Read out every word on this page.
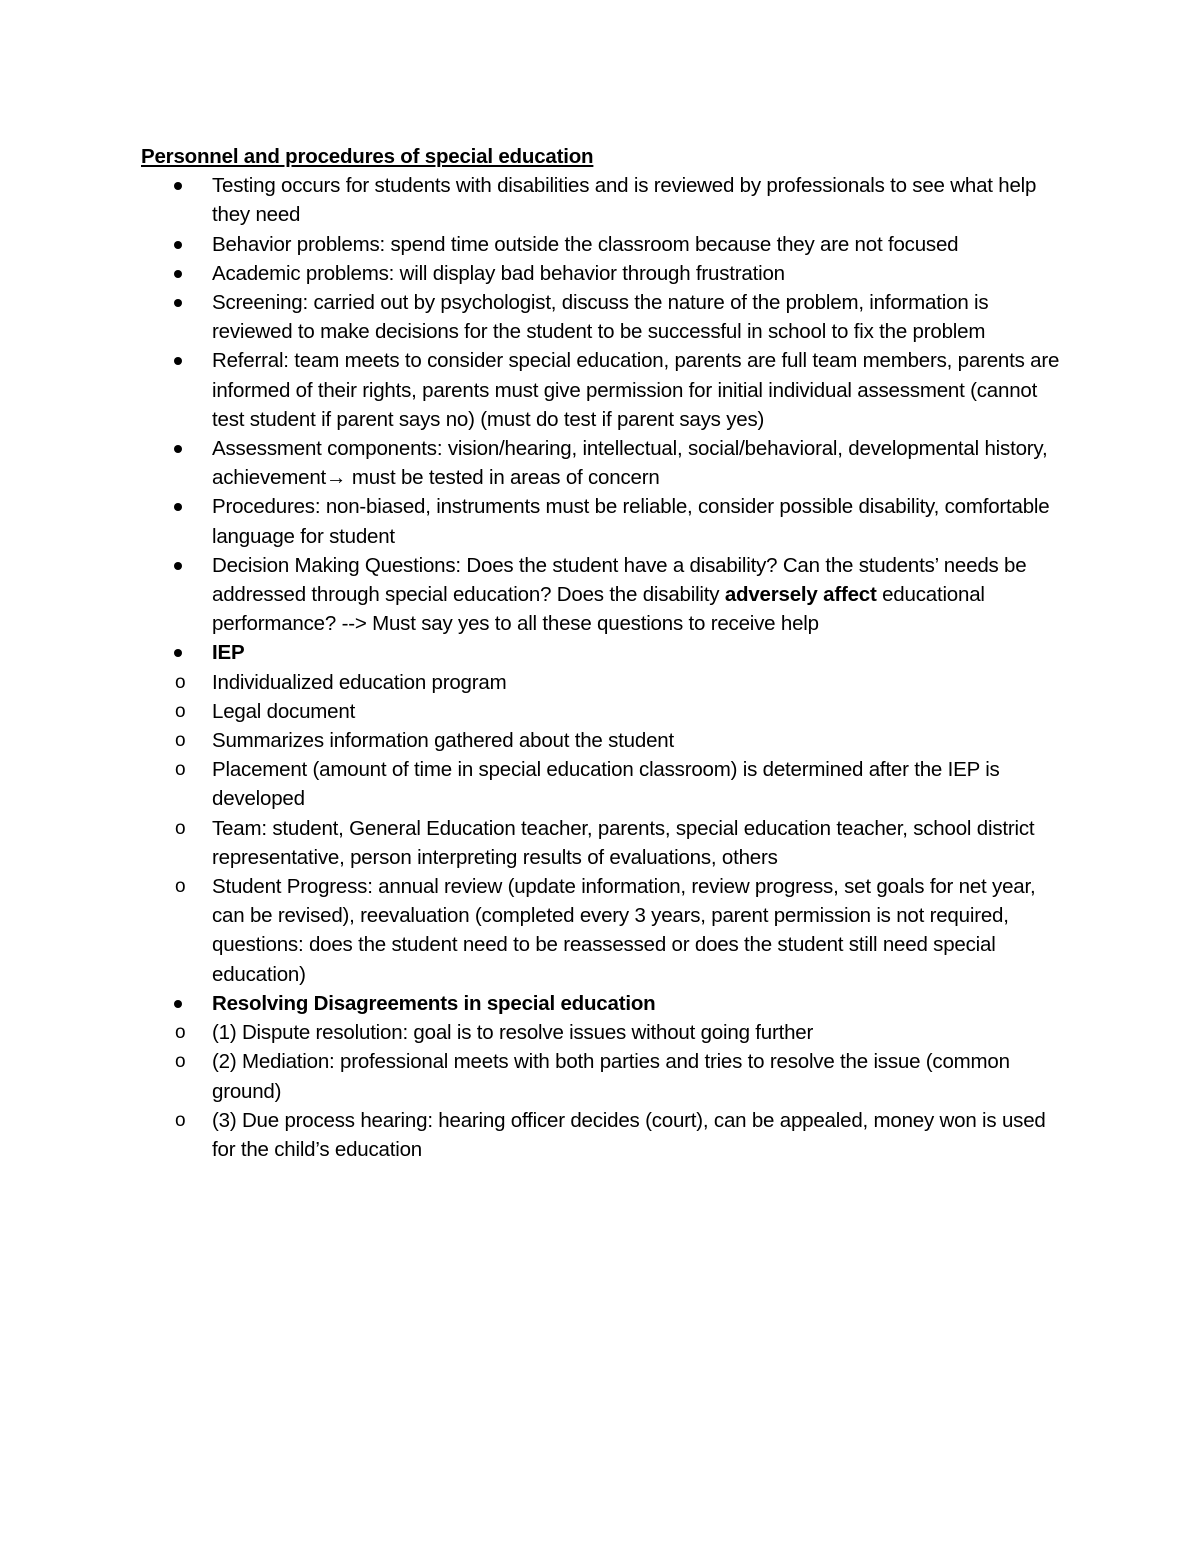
Personnel and procedures of special education
Testing occurs for students with disabilities and is reviewed by professionals to see what help they need
Behavior problems: spend time outside the classroom because they are not focused
Academic problems: will display bad behavior through frustration
Screening: carried out by psychologist, discuss the nature of the problem, information is reviewed to make decisions for the student to be successful in school to fix the problem
Referral: team meets to consider special education, parents are full team members, parents are informed of their rights, parents must give permission for initial individual assessment (cannot test student if parent says no) (must do test if parent says yes)
Assessment components: vision/hearing, intellectual, social/behavioral, developmental history, achievement→ must be tested in areas of concern
Procedures: non-biased, instruments must be reliable, consider possible disability, comfortable language for student
Decision Making Questions: Does the student have a disability? Can the students’ needs be addressed through special education? Does the disability adversely affect educational performance? --> Must say yes to all these questions to receive help
IEP
o Individualized education program
o Legal document
o Summarizes information gathered about the student
o Placement (amount of time in special education classroom) is determined after the IEP is developed
o Team: student, General Education teacher, parents, special education teacher, school district representative, person interpreting results of evaluations, others
o Student Progress: annual review (update information, review progress, set goals for net year, can be revised), reevaluation (completed every 3 years, parent permission is not required, questions: does the student need to be reassessed or does the student still need special education)
Resolving Disagreements in special education
o (1) Dispute resolution: goal is to resolve issues without going further
o (2) Mediation: professional meets with both parties and tries to resolve the issue (common ground)
o (3) Due process hearing: hearing officer decides (court), can be appealed, money won is used for the child’s education
